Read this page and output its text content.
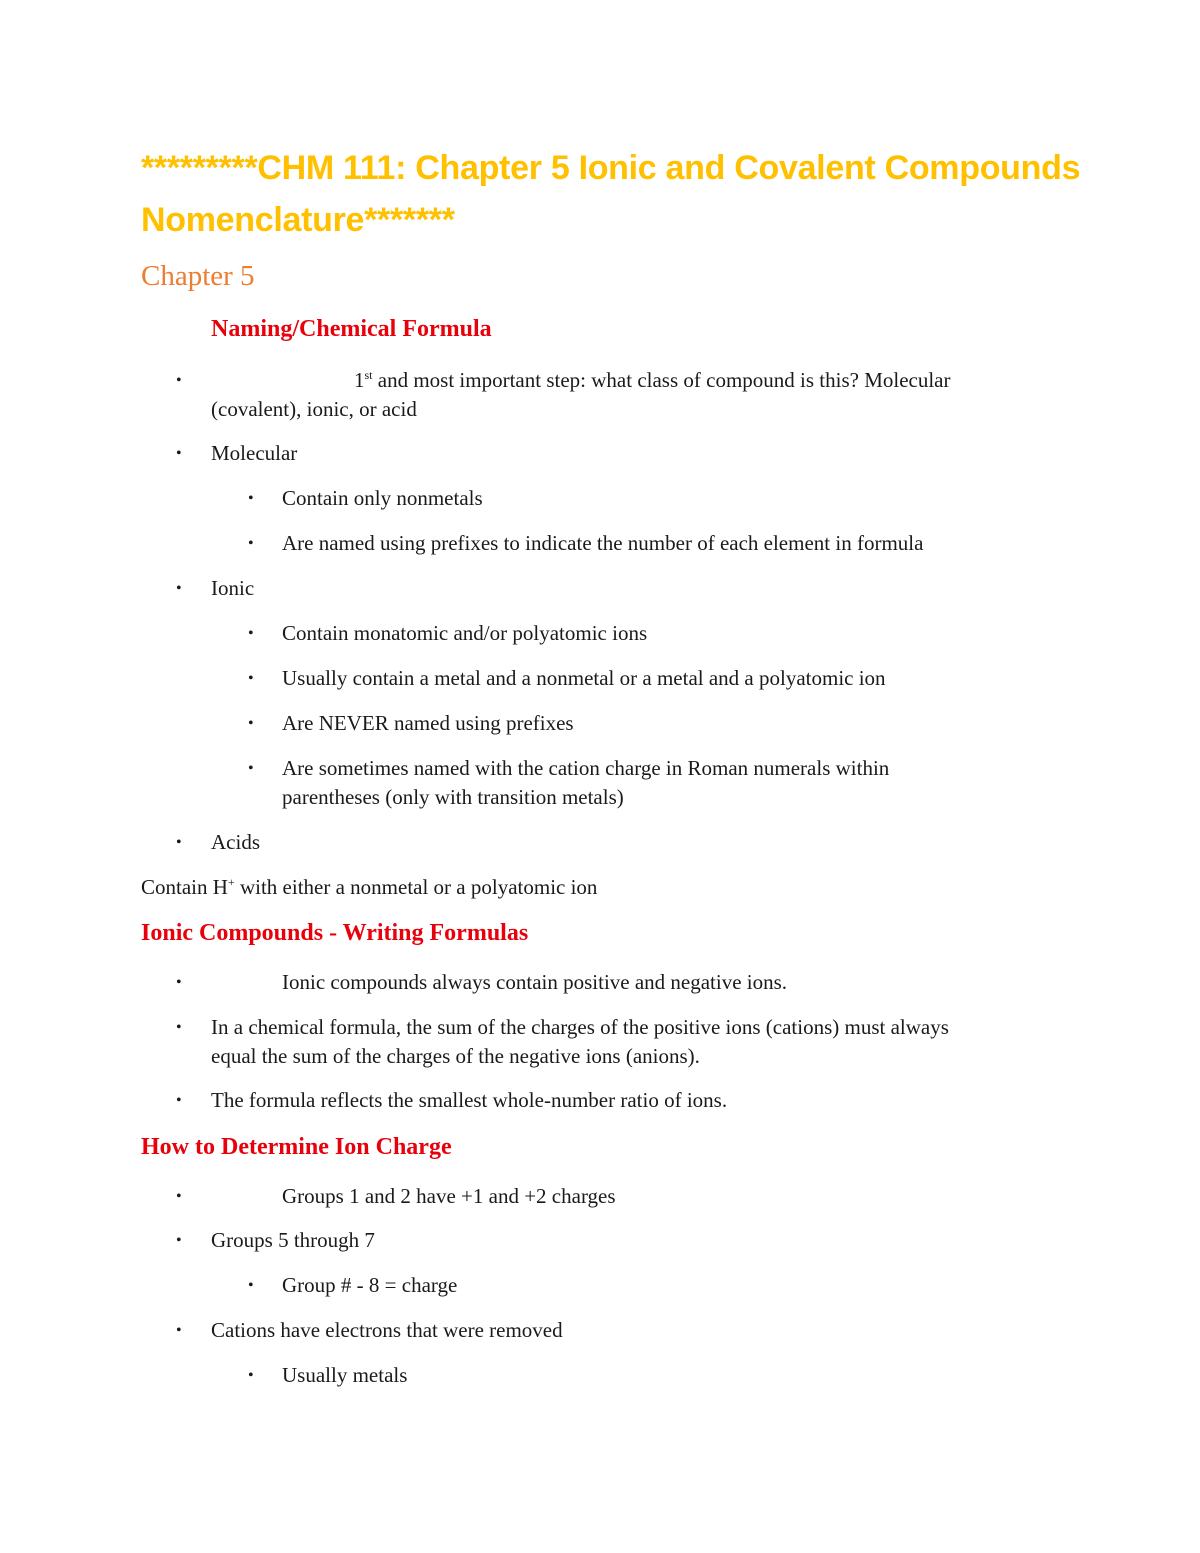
*********CHM 111: Chapter 5 Ionic and Covalent Compounds Nomenclature*******
Chapter 5
Naming/Chemical Formula
•	1st and most important step: what class of compound is this? Molecular
(covalent), ionic, or acid
• Molecular
• Contain only nonmetals
• Are named using prefixes to indicate the number of each element in formula
• Ionic
• Contain monatomic and/or polyatomic ions
• Usually contain a metal and a nonmetal or a metal and a polyatomic ion
• Are NEVER named using prefixes
• Are sometimes named with the cation charge in Roman numerals within
parentheses (only with transition metals)
• Acids
Contain H+ with either a nonmetal or a polyatomic ion
Ionic Compounds - Writing Formulas
•	Ionic compounds always contain positive and negative ions.
• In a chemical formula, the sum of the charges of the positive ions (cations) must always
equal the sum of the charges of the negative ions (anions).
• The formula reflects the smallest whole-number ratio of ions.
How to Determine Ion Charge
•	Groups 1 and 2 have +1 and +2 charges
• Groups 5 through 7
• Group # - 8 = charge
• Cations have electrons that were removed
• Usually metals
